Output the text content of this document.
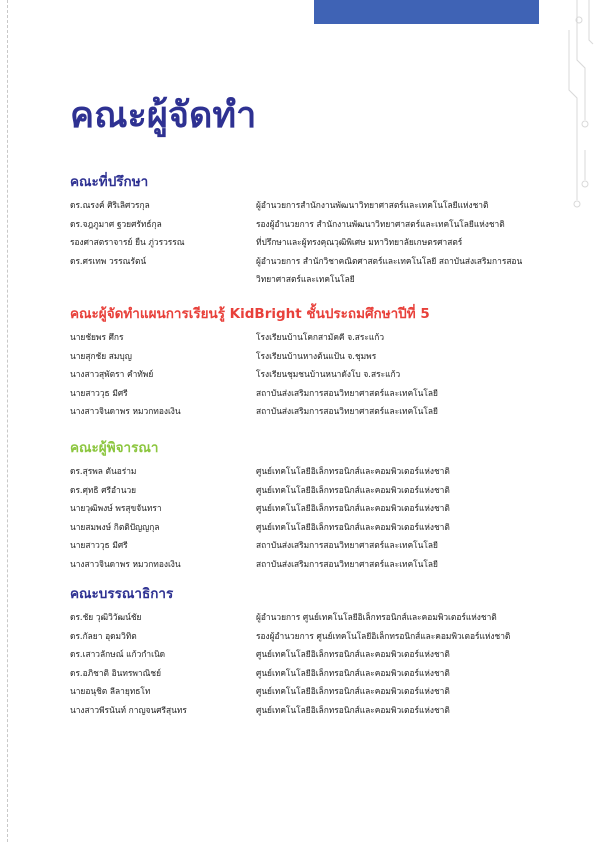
คณะผู้จัดทำ
คณะที่ปรึกษา
ดร.ณรงค์ ศิริเลิศวรกุล	ผู้อำนวยการสำนักงานพัฒนาวิทยาศาสตร์และเทคโนโลยีแห่งชาติ
ดร.จฎภูมาศ ฐวยศรัทธ์กุล	รองผู้อำนวยการ สำนักงานพัฒนาวิทยาศาสตร์และเทคโนโลยีแห่งชาติ
รองศาสตราจารย์ ยืน ภู่วรวรรณ	ที่ปรึกษาและผู้ทรงคุณวุฒิพิเศษ มหาวิทยาลัยเกษตรศาสตร์
ดร.ศรเทพ วรรณรัตน์	ผู้อำนวยการ สำนักวิชาคณิตศาสตร์และเทคโนโลยี สถาบันส่งเสริมการสอนวิทยาศาสตร์และเทคโนโลยี
คณะผู้จัดทำแผนการเรียนรู้ KidBright ชั้นประถมศึกษาปีที่ 5
นายชัยพร ศึกร	โรงเรียนบ้านโคกสามัคคี จ.สระแก้ว
นายสุกชัย สมบุญ	โรงเรียนบ้านหางต้นแป้น จ.ชุมพร
นางสาวสุพัตรา คำทัพย์	โรงเรียนชุมชนบ้านหนาดังโบ จ.สระแก้ว
นายสาววุธ มีศรี	สถาบันส่งเสริมการสอนวิทยาศาสตร์และเทคโนโลยี
นางสาวจินดาพร หมวกทองเงิน	สถาบันส่งเสริมการสอนวิทยาศาสตร์และเทคโนโลยี
คณะผู้พิจารณา
ดร.สุรพล ตันอร่าม	ศูนย์เทคโนโลยีอิเล็กทรอนิกส์และคอมพิวเตอร์แห่งชาติ
ดร.ศุทธิ ศรีอำนวย	ศูนย์เทคโนโลยีอิเล็กทรอนิกส์และคอมพิวเตอร์แห่งชาติ
นายวุฒิพงษ์ พรสุขจันทรา	ศูนย์เทคโนโลยีอิเล็กทรอนิกส์และคอมพิวเตอร์แห่งชาติ
นายสมพงษ์ กิตติปัญญกุล	ศูนย์เทคโนโลยีอิเล็กทรอนิกส์และคอมพิวเตอร์แห่งชาติ
นายสาววุธ มีศรี	สถาบันส่งเสริมการสอนวิทยาศาสตร์และเทคโนโลยี
นางสาวจินดาพร หมวกทองเงิน	สถาบันส่งเสริมการสอนวิทยาศาสตร์และเทคโนโลยี
คณะบรรณาธิการ
ดร.ชัย วุฒิวิวัฒน์ชัย	ผู้อำนวยการ ศูนย์เทคโนโลยีอิเล็กทรอนิกส์และคอมพิวเตอร์แห่งชาติ
ดร.กัลยา อุดมวิทิต	รองผู้อำนวยการ ศูนย์เทคโนโลยีอิเล็กทรอนิกส์และคอมพิวเตอร์แห่งชาติ
ดร.เสาวลักษณ์ แก้วกำเนิด	ศูนย์เทคโนโลยีอิเล็กทรอนิกส์และคอมพิวเตอร์แห่งชาติ
ดร.อภิชาติ อินทรพาณิชย์	ศูนย์เทคโนโลยีอิเล็กทรอนิกส์และคอมพิวเตอร์แห่งชาติ
นายอนุชิต ลีลายุทธโท	ศูนย์เทคโนโลยีอิเล็กทรอนิกส์และคอมพิวเตอร์แห่งชาติ
นางสาวพีรนันท์ กาญจนศรีสุนทร	ศูนย์เทคโนโลยีอิเล็กทรอนิกส์และคอมพิวเตอร์แห่งชาติ
